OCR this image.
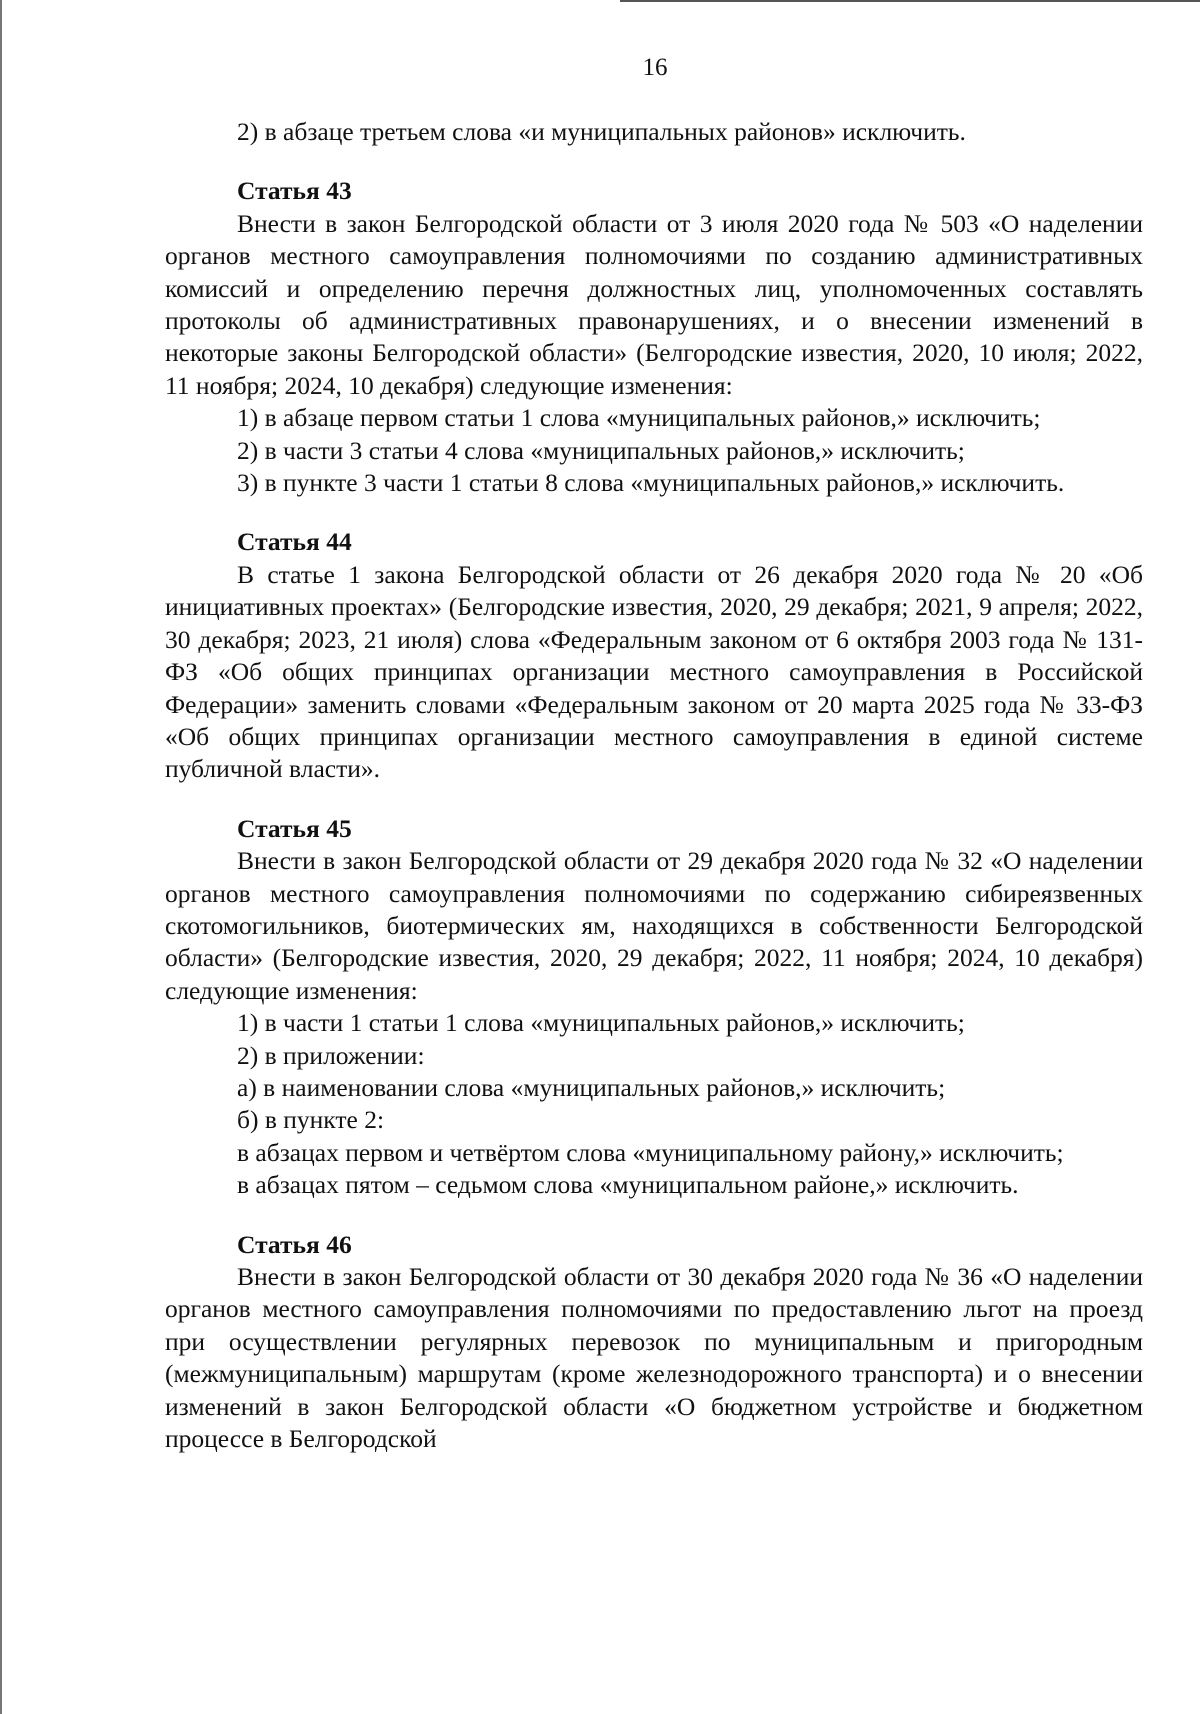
16

2) в абзаце третьем слова «и муниципальных районов» исключить.

Статья 43

Внести в закон Белгородской области от 3 июля 2020 года № 503 «О наделении органов местного самоуправления полномочиями по созданию административных комиссий и определению перечня должностных лиц, уполномоченных составлять протоколы об административных правонарушениях, и о внесении изменений в некоторые законы Белгородской области» (Белгородские известия, 2020, 10 июля; 2022, 11 ноября; 2024, 10 декабря) следующие изменения:

1) в абзаце первом статьи 1 слова «муниципальных районов,» исключить;

2) в части 3 статьи 4 слова «муниципальных районов,» исключить;

3) в пункте 3 части 1 статьи 8 слова «муниципальных районов,» исключить.

Статья 44

В статье 1 закона Белгородской области от 26 декабря 2020 года № 20 «Об инициативных проектах» (Белгородские известия, 2020, 29 декабря; 2021, 9 апреля; 2022, 30 декабря; 2023, 21 июля) слова «Федеральным законом от 6 октября 2003 года № 131-ФЗ «Об общих принципах организации местного самоуправления в Российской Федерации» заменить словами «Федеральным законом от 20 марта 2025 года № 33-ФЗ «Об общих принципах организации местного самоуправления в единой системе публичной власти».

Статья 45

Внести в закон Белгородской области от 29 декабря 2020 года № 32 «О наделении органов местного самоуправления полномочиями по содержанию сибиреязвенных скотомогильников, биотермических ям, находящихся в собственности Белгородской области» (Белгородские известия, 2020, 29 декабря; 2022, 11 ноября; 2024, 10 декабря) следующие изменения:

1) в части 1 статьи 1 слова «муниципальных районов,» исключить;

2) в приложении:

а) в наименовании слова «муниципальных районов,» исключить;

б) в пункте 2:

в абзацах первом и четвёртом слова «муниципальному району,» исключить;

в абзацах пятом – седьмом слова «муниципальном районе,» исключить.

Статья 46

Внести в закон Белгородской области от 30 декабря 2020 года № 36 «О наделении органов местного самоуправления полномочиями по предоставлению льгот на проезд при осуществлении регулярных перевозок по муниципальным и пригородным (межмуниципальным) маршрутам (кроме железнодорожного транспорта) и о внесении изменений в закон Белгородской области «О бюджетном устройстве и бюджетном процессе в Белгородской
